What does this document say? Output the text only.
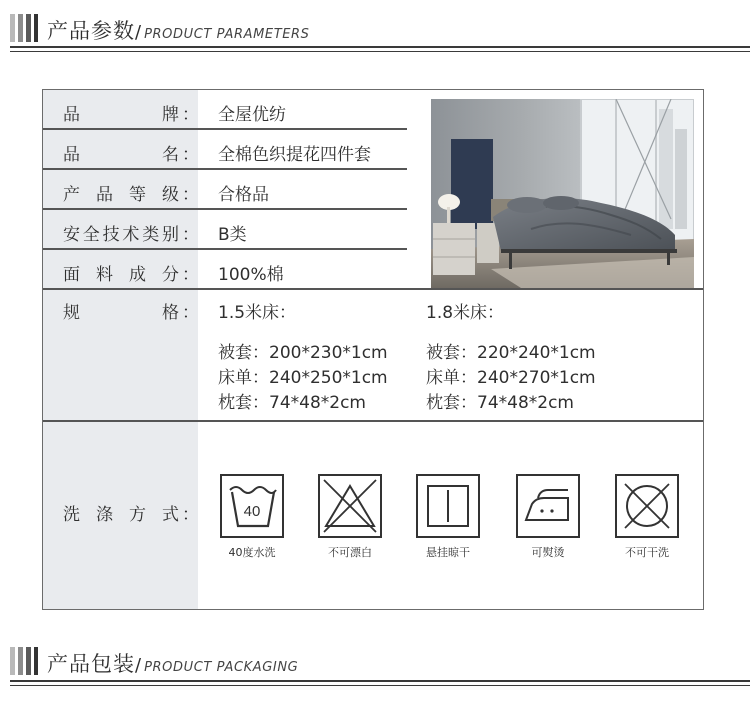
产品参数/ PRODUCT PARAMETERS
品牌 ： 全屋优纺
品名 ： 全棉色织提花四件套
产品等级 ： 合格品
安全技术类别 ： B类
面料成分 ： 100%棉
规格 ： 1.5米床：
被套：200*230*1cm
床单：240*250*1cm
枕套：74*48*2cm
1.8米床：
被套：220*240*1cm
床单：240*270*1cm
枕套：74*48*2cm
洗涤方式 ：	40
40度水洗	不可漂白	悬挂晾干	可熨烫	不可干洗
产品包装/ PRODUCT PACKAGING
